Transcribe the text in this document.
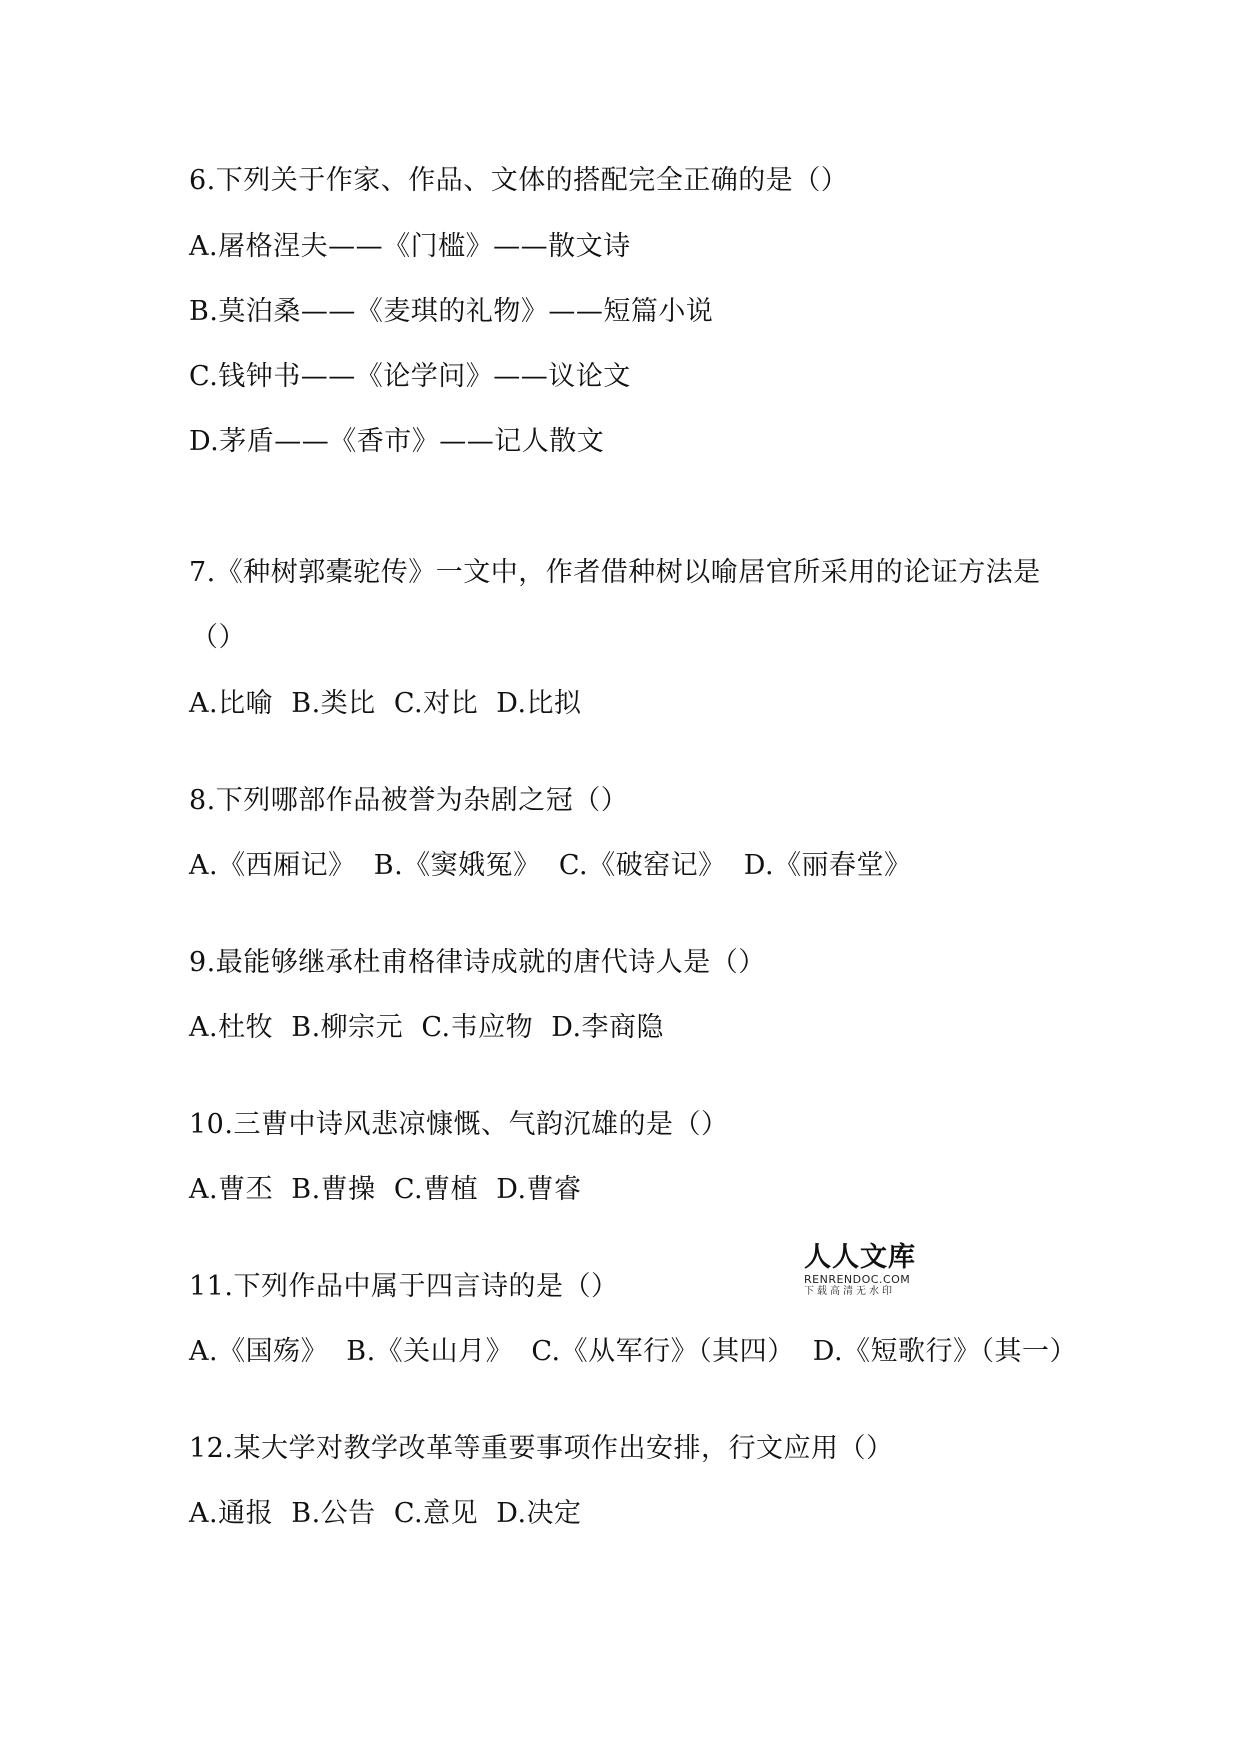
6.下列关于作家、作品、文体的搭配完全正确的是（）
A.屠格涅夫——《门槛》——散文诗
B.莫泊桑——《麦琪的礼物》——短篇小说
C.钱钟书——《论学问》——议论文
D.茅盾——《香市》——记人散文
7.《种树郭橐驼传》一文中，作者借种树以喻居官所采用的论证方法是
（）
A.比喻  B.类比  C.对比  D.比拟
8.下列哪部作品被誉为杂剧之冠（）
A.《西厢记》  B.《窦娥冤》  C.《破窑记》  D.《丽春堂》
9.最能够继承杜甫格律诗成就的唐代诗人是（）
A.杜牧  B.柳宗元  C.韦应物  D.李商隐
10.三曹中诗风悲凉慷慨、气韵沉雄的是（）
A.曹丕  B.曹操  C.曹植  D.曹睿
11.下列作品中属于四言诗的是（）
A.《国殇》  B.《关山月》  C.《从军行》（其四）  D.《短歌行》（其一）
12.某大学对教学改革等重要事项作出安排，行文应用（）
A.通报  B.公告  C.意见  D.决定
人人文库
RENRENDOC.COM
下载高清无水印
